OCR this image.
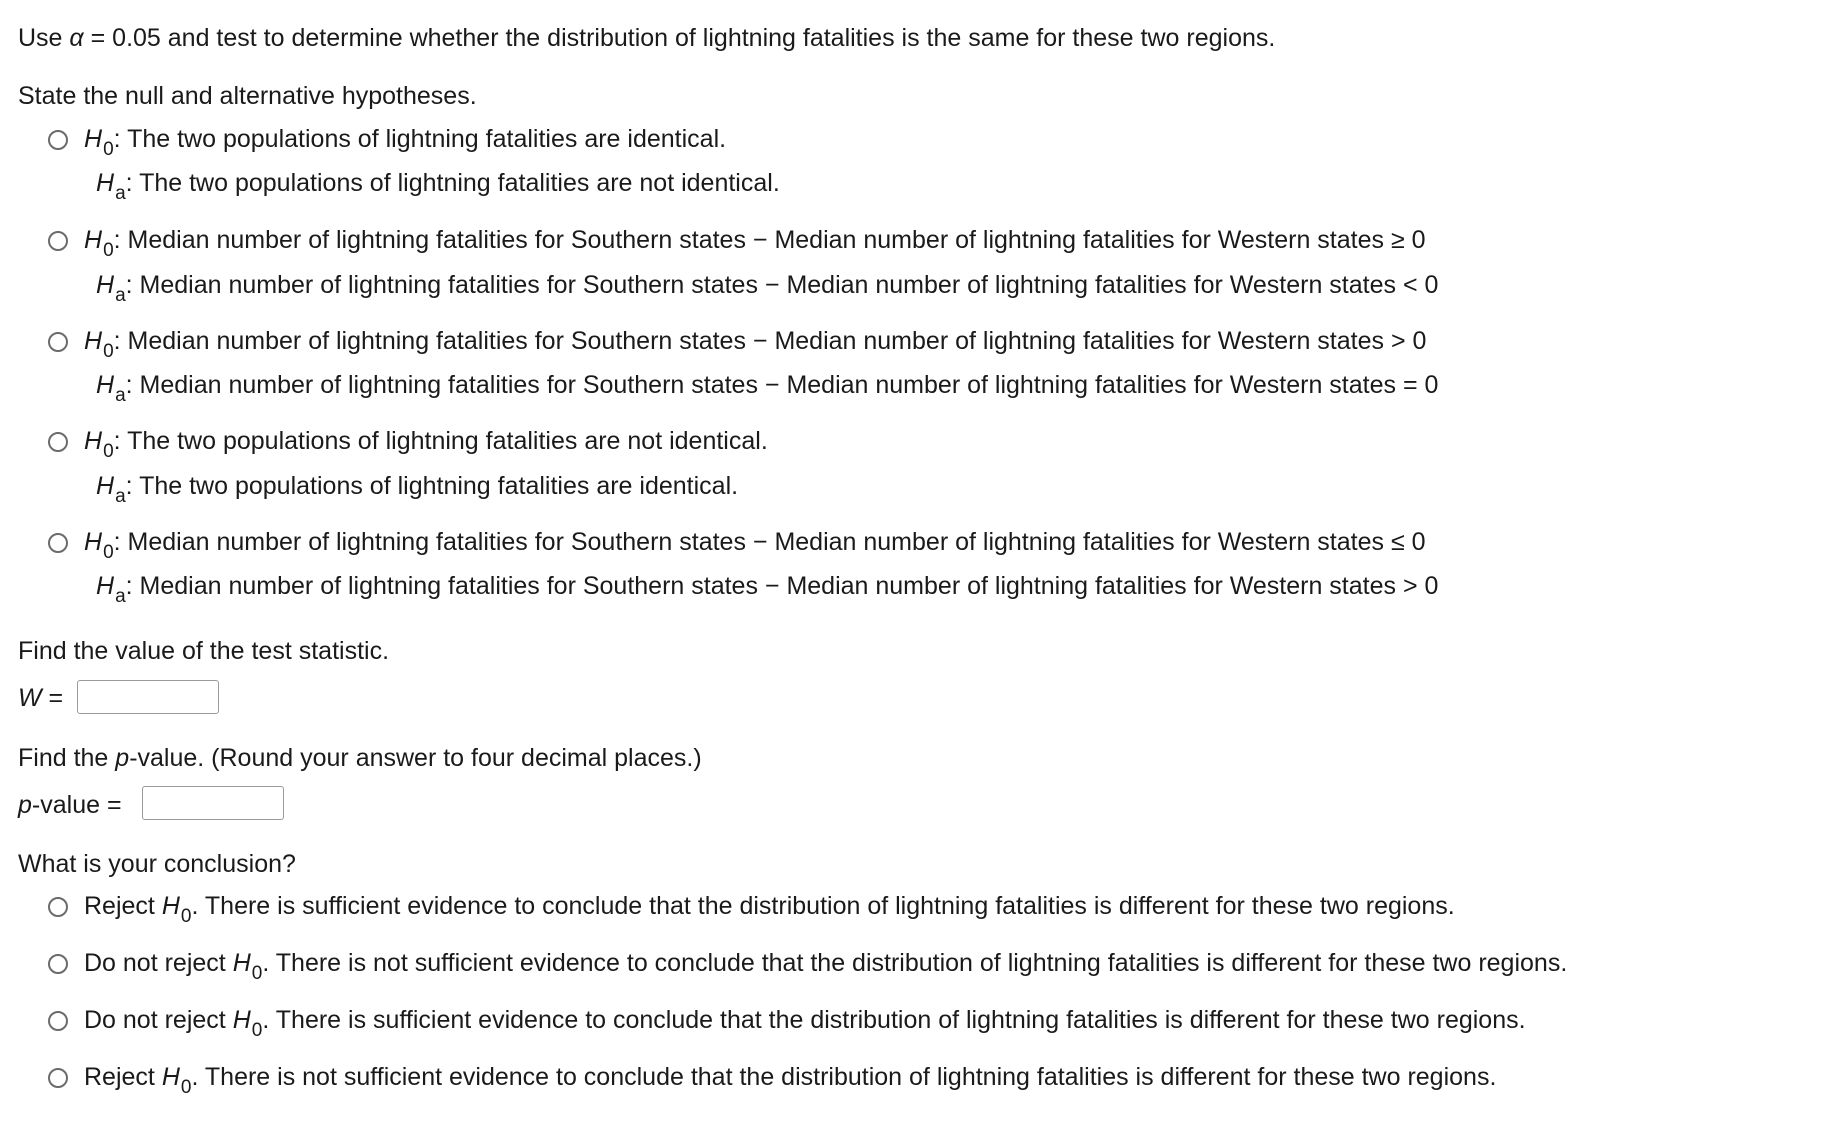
Use α = 0.05 and test to determine whether the distribution of lightning fatalities is the same for these two regions.
State the null and alternative hypotheses.
$H_0$: The two populations of lightning fatalities are identical.
$H_a$: The two populations of lightning fatalities are not identical.
$H_0$: Median number of lightning fatalities for Southern states − Median number of lightning fatalities for Western states ≥ 0
$H_a$: Median number of lightning fatalities for Southern states − Median number of lightning fatalities for Western states < 0
$H_0$: Median number of lightning fatalities for Southern states − Median number of lightning fatalities for Western states > 0
$H_a$: Median number of lightning fatalities for Southern states − Median number of lightning fatalities for Western states = 0
$H_0$: The two populations of lightning fatalities are not identical.
$H_a$: The two populations of lightning fatalities are identical.
$H_0$: Median number of lightning fatalities for Southern states − Median number of lightning fatalities for Western states ≤ 0
$H_a$: Median number of lightning fatalities for Southern states − Median number of lightning fatalities for Western states > 0
Find the value of the test statistic.
W =
Find the p-value. (Round your answer to four decimal places.)
p-value =
What is your conclusion?
Reject $H_0$. There is sufficient evidence to conclude that the distribution of lightning fatalities is different for these two regions.
Do not reject $H_0$. There is not sufficient evidence to conclude that the distribution of lightning fatalities is different for these two regions.
Do not reject $H_0$. There is sufficient evidence to conclude that the distribution of lightning fatalities is different for these two regions.
Reject $H_0$. There is not sufficient evidence to conclude that the distribution of lightning fatalities is different for these two regions.
